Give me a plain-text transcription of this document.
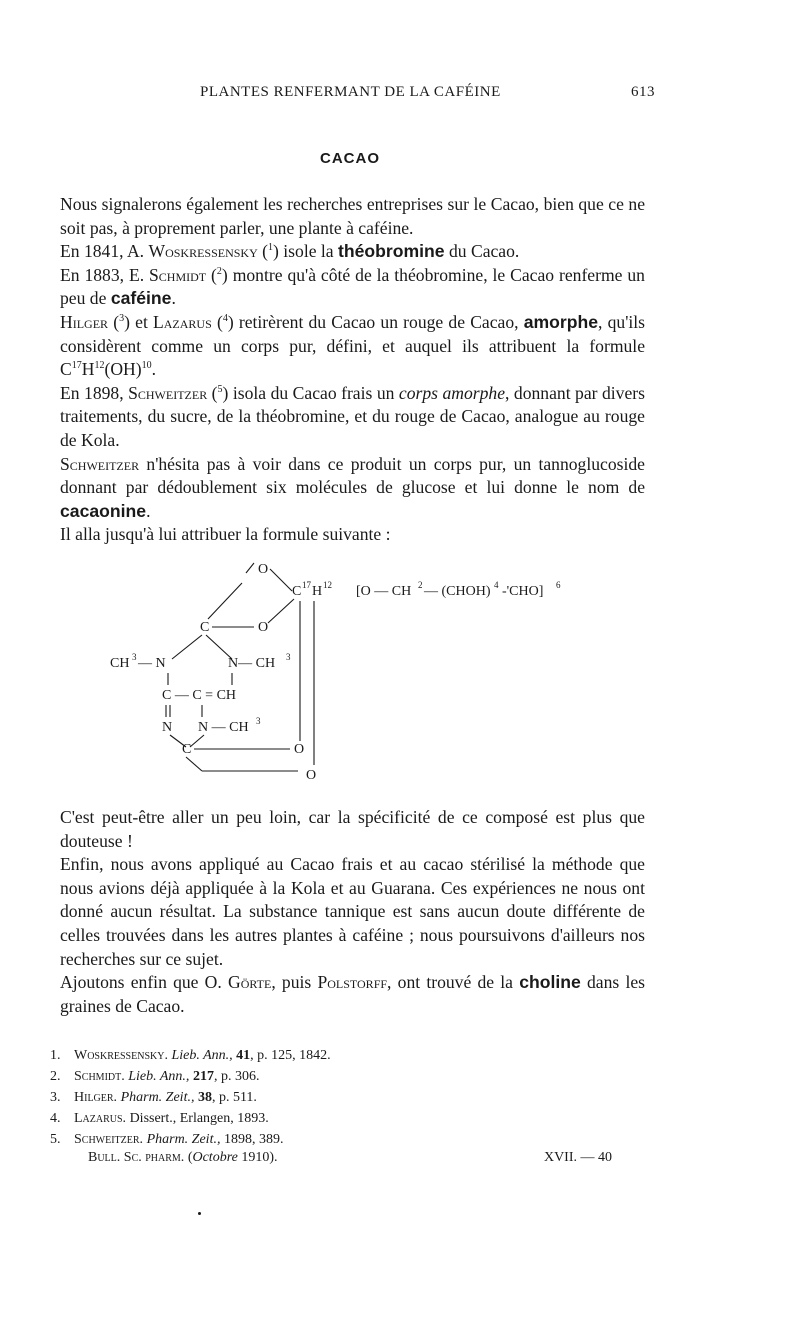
PLANTES RENFERMANT DE LA CAFÉINE	613
CACAO

Nous signalerons également les recherches entreprises sur le Cacao, bien que ce ne soit pas, à proprement parler, une plante à caféine.

En 1841, A. Woskressensky ($^1$) isole la théobromine du Cacao.

En 1883, E. Schmidt ($^2$) montre qu'à côté de la théobromine, le Cacao renferme un peu de caféine.

Hilger ($^3$) et Lazarus ($^4$) retirèrent du Cacao un rouge de Cacao, amorphe, qu'ils considèrent comme un corps pur, défini, et auquel ils attribuent la formule $C^{17}H^{12}(OH)^{10}$.

En 1898, Schweitzer ($^5$) isola du Cacao frais un corps amorphe, donnant par divers traitements, du sucre, de la théobromine, et du rouge de Cacao, analogue au rouge de Kola.

Schweitzer n'hésita pas à voir dans ce produit un corps pur, un tannoglucoside donnant par dédoublement six molécules de glucose et lui donne le nom de cacaonine.

Il alla jusqu'à lui attribuer la formule suivante :

O
C 17 H 12 [O — CH 2 — (CHOH) 4 -'CHO] 6
C	O
CH 3 — N	N— CH 3
C — C = CH
N N — CH 3
C	O
O

C'est peut-être aller un peu loin, car la spécificité de ce composé est plus que douteuse !

Enfin, nous avons appliqué au Cacao frais et au cacao stérilisé la méthode que nous avions déjà appliquée à la Kola et au Guarana. Ces expériences ne nous ont donné aucun résultat. La substance tannique est sans aucun doute différente de celles trouvées dans les autres plantes à caféine ; nous poursuivons d'ailleurs nos recherches sur ce sujet.

Ajoutons enfin que O. Görte, puis Polstorff, ont trouvé de la choline dans les graines de Cacao.

1. Woskressensky. Lieb. Ann., 41, p. 125, 1842.
2. Schmidt. Lieb. Ann., 217, p. 306.
3. Hilger. Pharm. Zeit., 38, p. 511.
4. Lazarus. Dissert., Erlangen, 1893.
5. Schweitzer. Pharm. Zeit., 1898, 389.
Bull. Sc. pharm. (Octobre 1910).	XVII. — 40
